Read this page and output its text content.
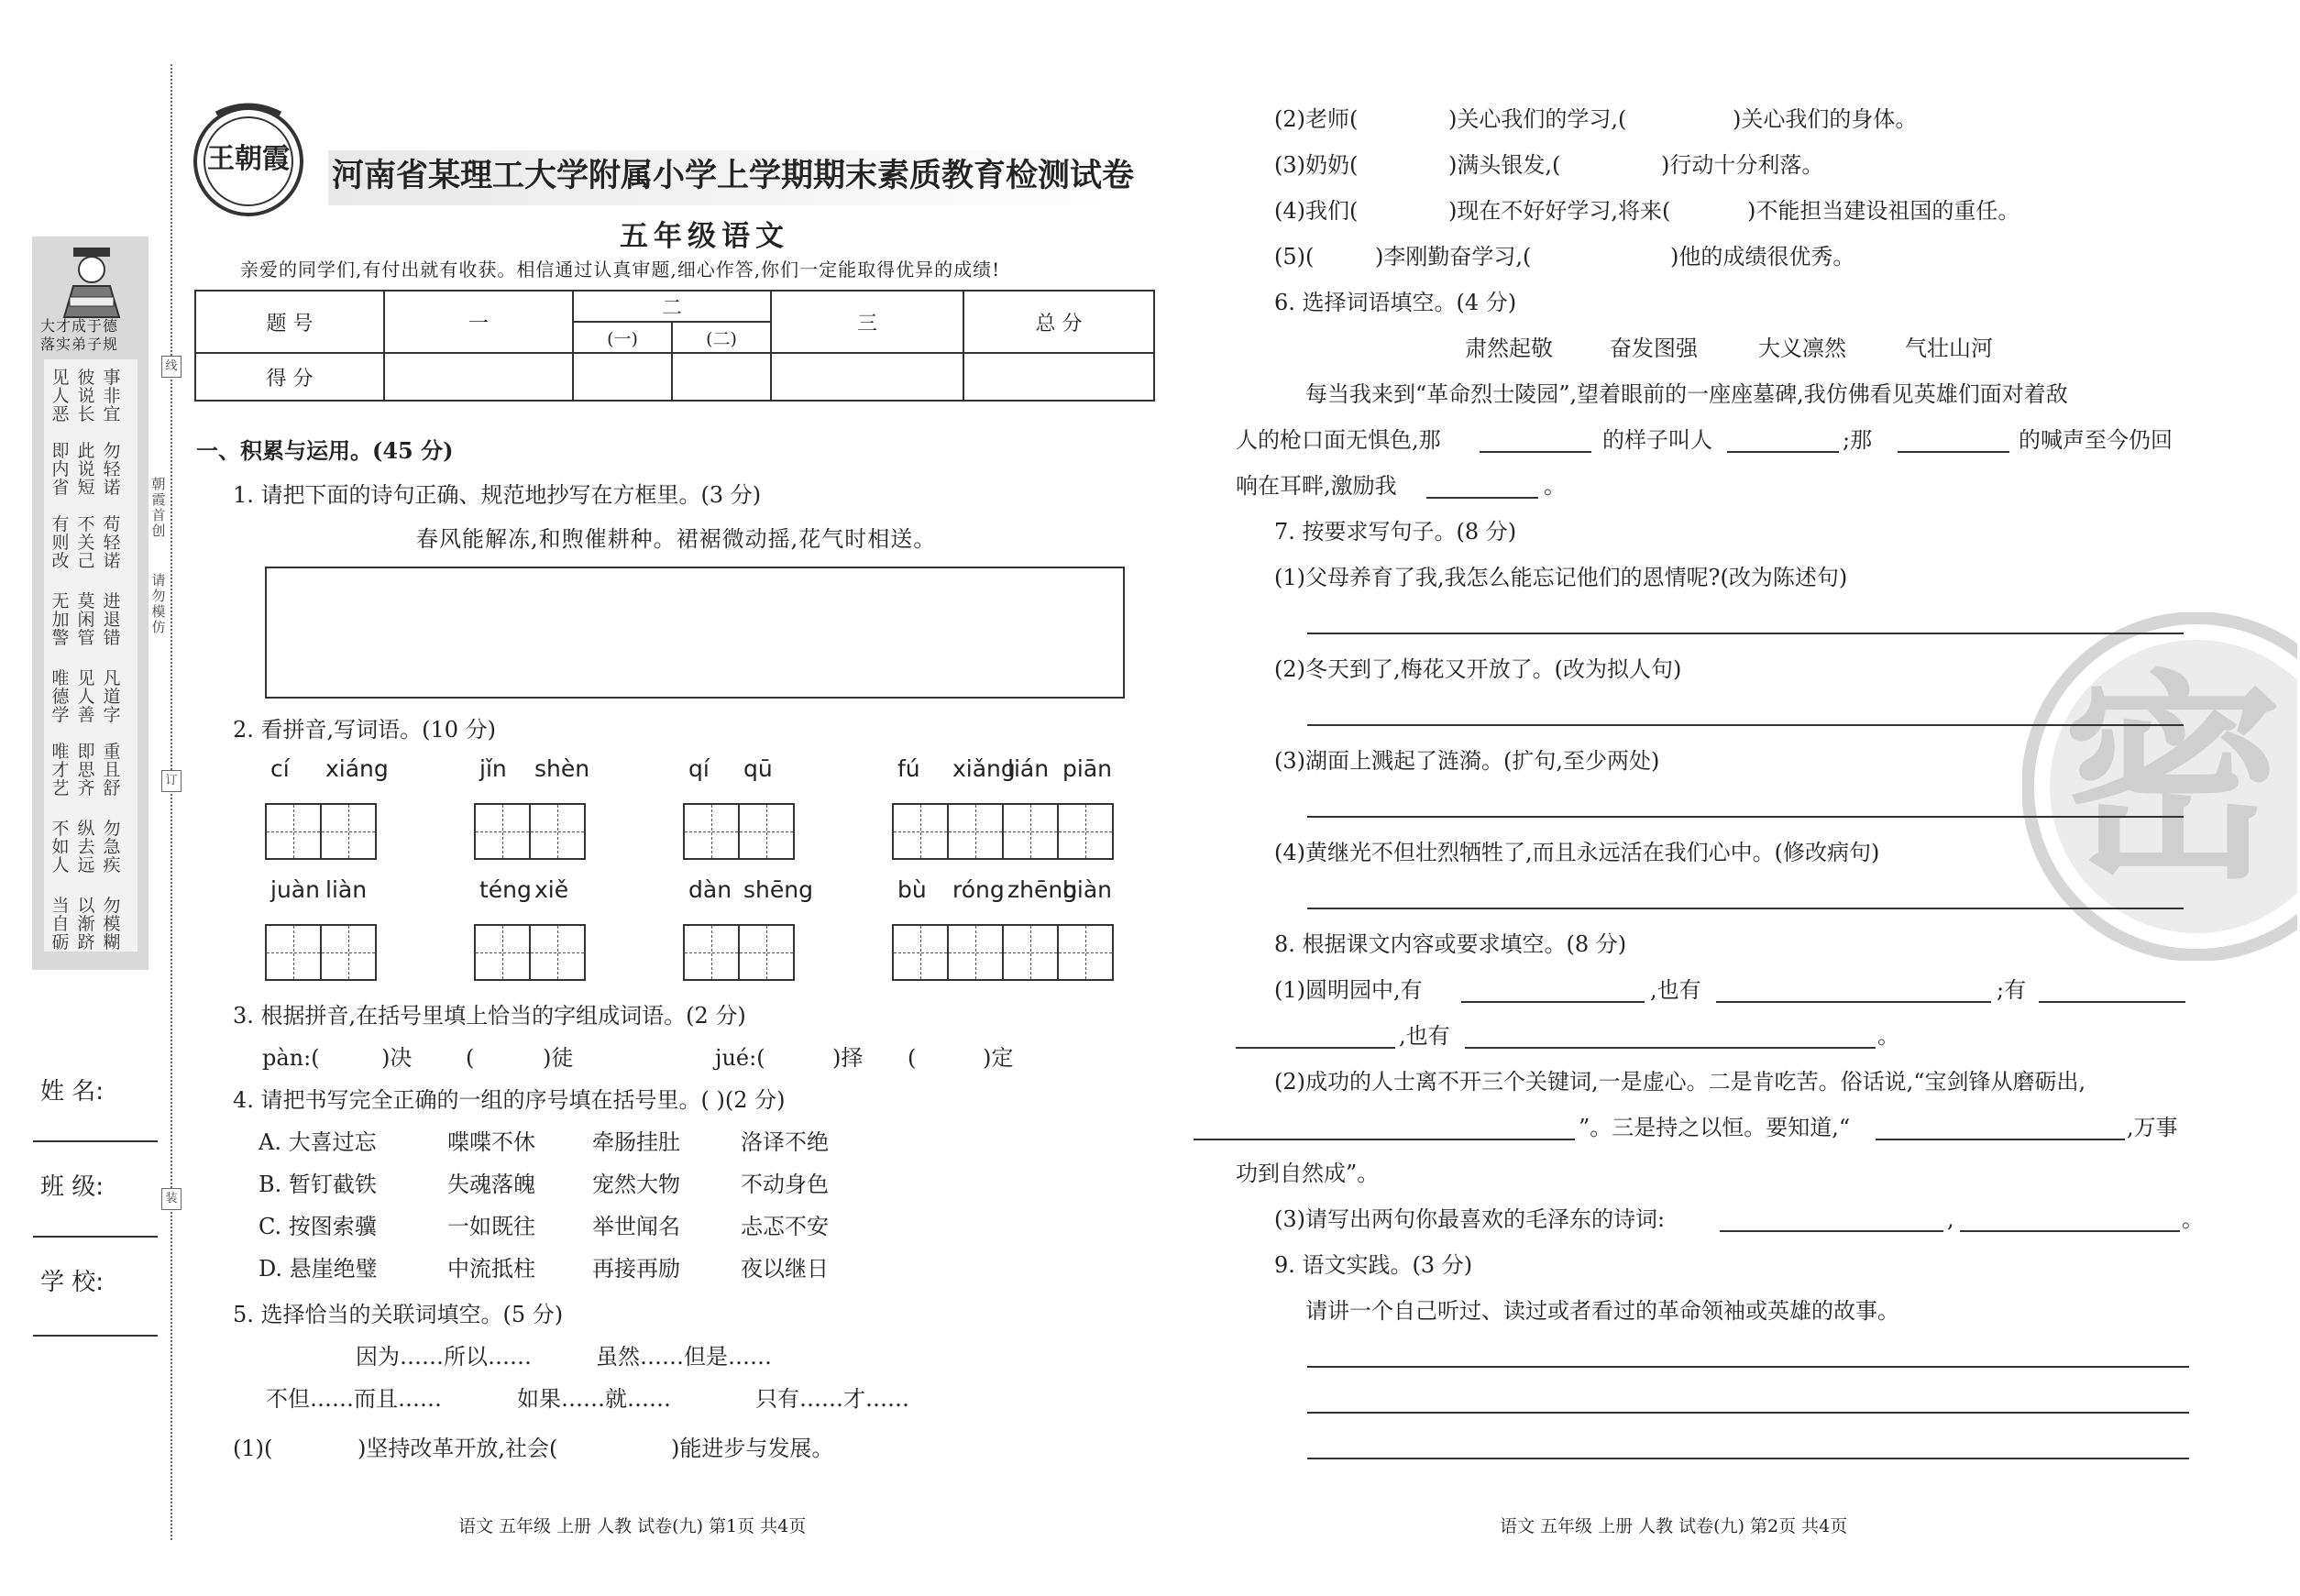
线
订
装
朝霞首创
请勿模仿
大才成于德
落实弟子规
事非宜
彼说长
见人恶
勿轻诺
此说短
即内省
苟轻诺
不关己
有则改
进退错
莫闲管
无加警
凡道字
见人善
唯德学
重且舒
即思齐
唯才艺
勿急疾
纵去远
不如人
勿模糊
以渐跻
当自砺
姓 名:
班 级:
学 校:
王朝霞 河南省某理工大学附属小学上学期期末素质教育检测试卷
五年级语文
亲爱的同学们,有付出就有收获。相信通过认真审题,细心作答,你们一定能取得优异的成绩!
题 号	一	二		三	总 分
		(一)	(二)		
得 分					
一、积累与运用。(45 分)
1. 请把下面的诗句正确、规范地抄写在方框里。(3 分)
春风能解冻,和煦催耕种。裙裾微动摇,花气时相送。
2. 看拼音,写词语。(10 分)
cí xiáng	jǐn shèn	qí qū	fú xiǎng
lián piān
juàn liàn	téng xiě	dàn shēng	bù róng zhēng
biàn
3. 根据拼音,在括号里填上恰当的字组成词语。(2 分)
pàn:(	)决 (	)徒	jué:(	)择 (	)定
4. 请把书写完全正确的一组的序号填在括号里。( )(2 分)
A. 大喜过忘	喋喋不休	牵肠挂肚	洛译不绝
B. 暂钉截铁	失魂落魄	宠然大物	不动身色
C. 按图索骥	一如既往	举世闻名	忐忑不安
D. 悬崖绝璧	中流抵柱	再接再励	夜以继日
5. 选择恰当的关联词填空。(5 分)
因为……所以……	虽然……但是……
不但……而且……	如果……就……	只有……才……
(1)(	)坚持改革开放,社会(	)能进步与发展。
语文 五年级 上册 人教 试卷(九) 第1页 共4页
密
(2)老师(	)关心我们的学习,(	)关心我们的身体。
(3)奶奶(	)满头银发,(	)行动十分利落。
(4)我们(	)现在不好好学习,将来(	)不能担当建设祖国的重任。
(5)(	)李刚勤奋学习,(	)他的成绩很优秀。
6. 选择词语填空。(4 分)
肃然起敬	奋发图强	大义凛然	气壮山河
每当我来到“革命烈士陵园”,望着眼前的一座座墓碑,我仿佛看见英雄们面对着敌
人的枪口面无惧色,那	的样子叫人	;那	的喊声至今仍回
响在耳畔,激励我	。
7. 按要求写句子。(8 分)
(1)父母养育了我,我怎么能忘记他们的恩情呢?(改为陈述句)
(2)冬天到了,梅花又开放了。(改为拟人句)
(3)湖面上溅起了涟漪。(扩句,至少两处)
(4)黄继光不但壮烈牺牲了,而且永远活在我们心中。(修改病句)
8. 根据课文内容或要求填空。(8 分)
(1)圆明园中,有	,也有	;有
,也有	。
(2)成功的人士离不开三个关键词,一是虚心。二是肯吃苦。俗话说,“宝剑锋从磨砺出,
”。三是持之以恒。要知道,“	,万事
功到自然成”。
(3)请写出两句你最喜欢的毛泽东的诗词:	,	。
9. 语文实践。(3 分)
请讲一个自己听过、读过或者看过的革命领袖或英雄的故事。
语文 五年级 上册 人教 试卷(九) 第2页 共4页
